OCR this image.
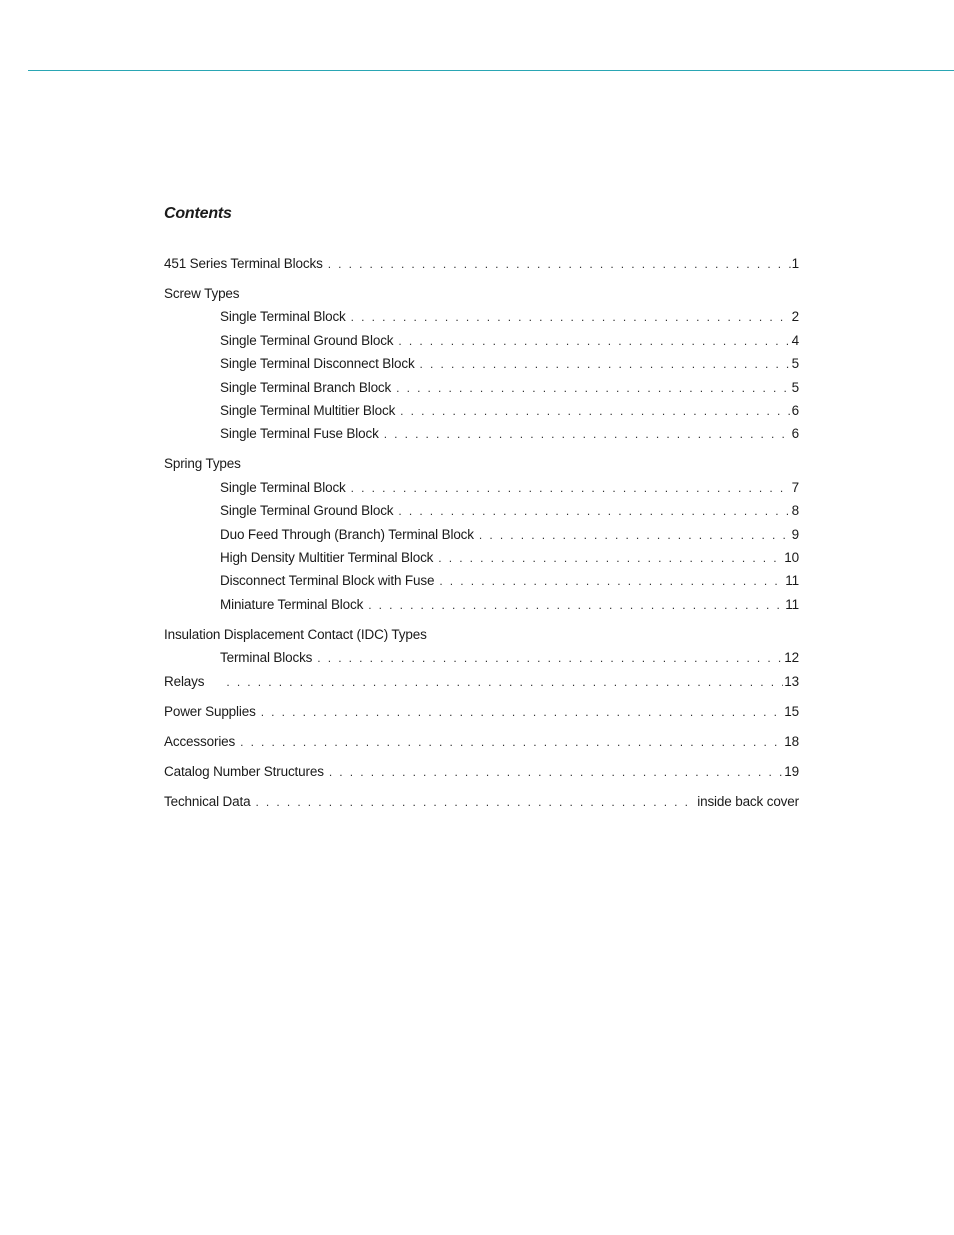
Contents
451 Series Terminal Blocks . . .	1
Screw Types
Single Terminal Block . . .	2
Single Terminal Ground Block . . .	4
Single Terminal Disconnect Block . . .	5
Single Terminal Branch Block . . .	5
Single Terminal Multitier Block . . .	6
Single Terminal Fuse Block . . .	6
Spring Types
Single Terminal Block . . .	7
Single Terminal Ground Block . . .	8
Duo Feed Through (Branch) Terminal Block . . .	9
High Density Multitier Terminal Block . . .	10
Disconnect Terminal Block with Fuse . . .	11
Miniature Terminal Block . . .	11
Insulation Displacement Contact (IDC) Types
Terminal Blocks . . .	12
Relays . . .	13
Power Supplies . . .	15
Accessories . . .	18
Catalog Number Structures . . .	19
Technical Data . . .	inside back cover
